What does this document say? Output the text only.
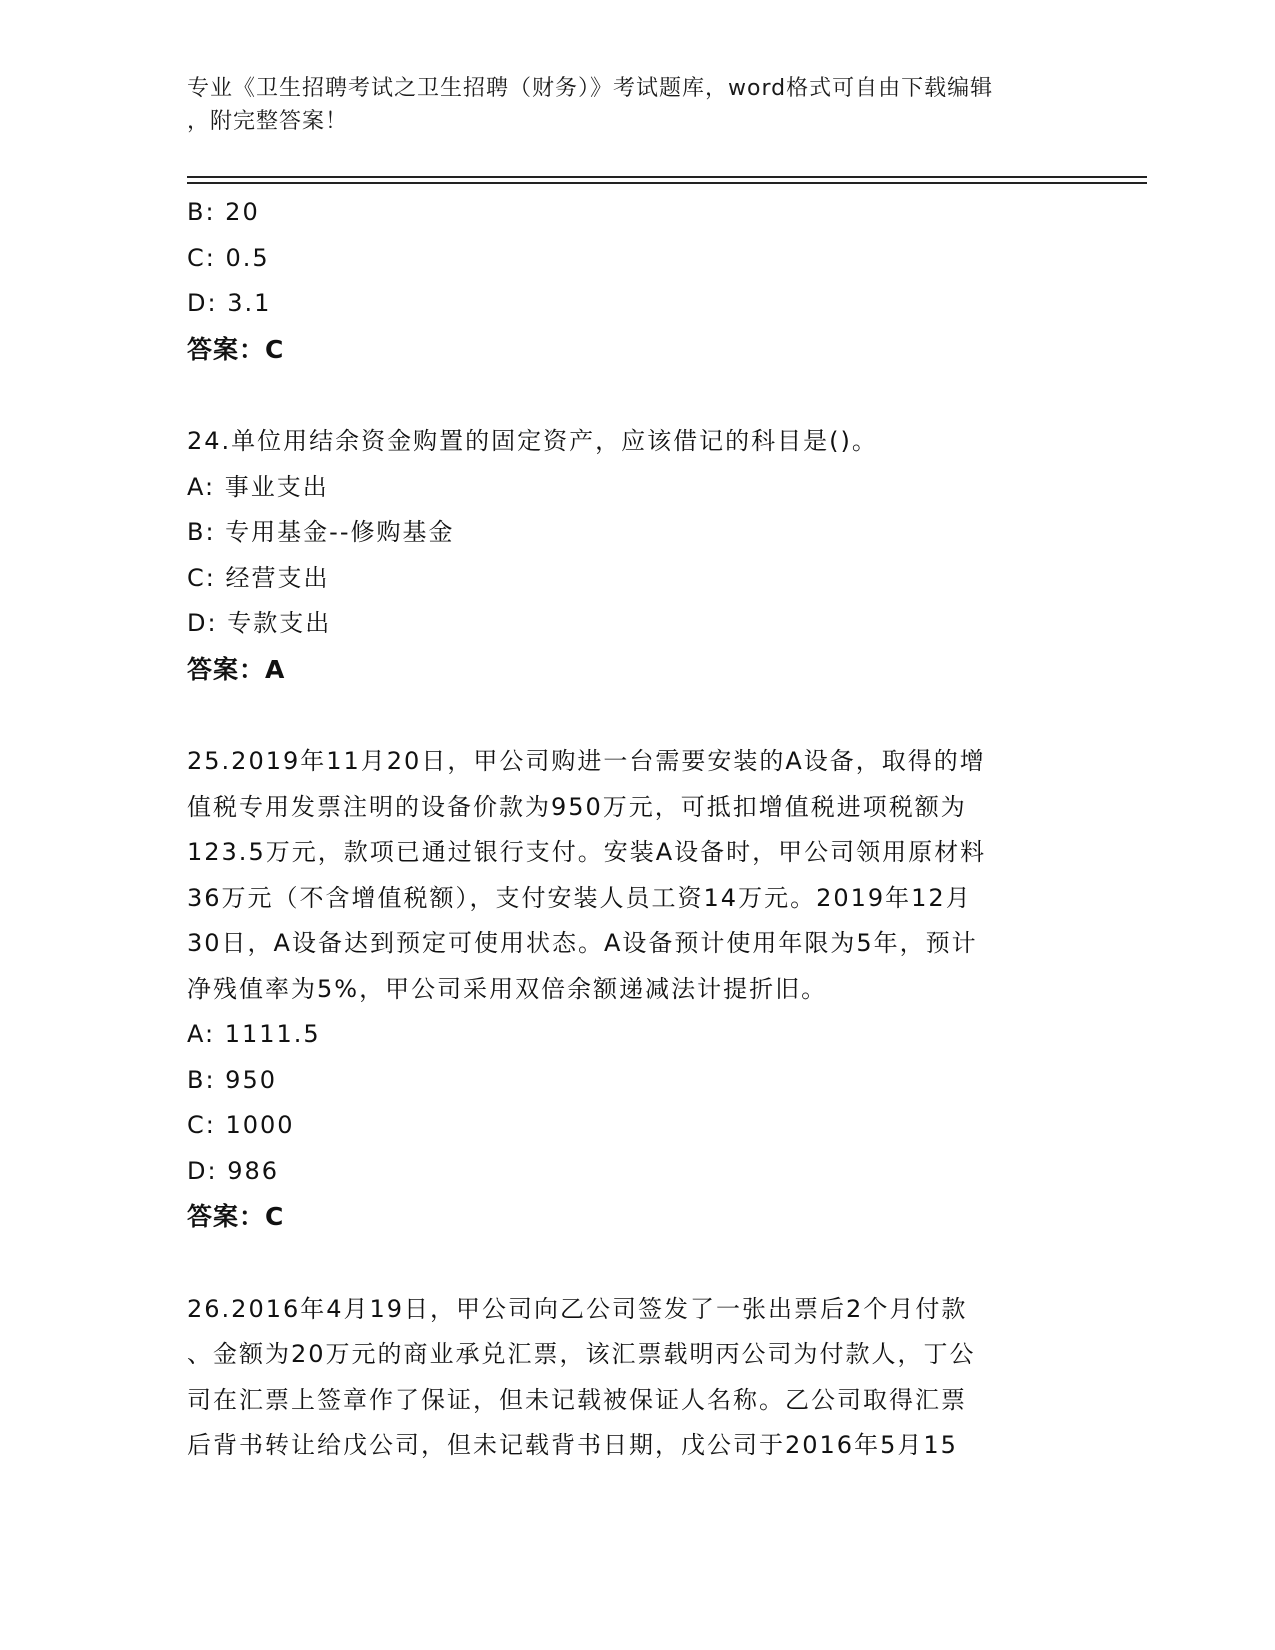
专业《卫生招聘考试之卫生招聘（财务）》考试题库，word格式可自由下载编辑
，附完整答案！
B: 20
C: 0.5
D: 3.1
答案：C
24.单位用结余资金购置的固定资产，应该借记的科目是()。
A: 事业支出
B: 专用基金--修购基金
C: 经营支出
D: 专款支出
答案：A
25.2019年11月20日，甲公司购进一台需要安装的A设备，取得的增
值税专用发票注明的设备价款为950万元，可抵扣增值税进项税额为
123.5万元，款项已通过银行支付。安装A设备时，甲公司领用原材料
36万元（不含增值税额），支付安装人员工资14万元。2019年12月
30日，A设备达到预定可使用状态。A设备预计使用年限为5年，预计
净残值率为5%，甲公司采用双倍余额递减法计提折旧。
A: 1111.5
B: 950
C: 1000
D: 986
答案：C
26.2016年4月19日，甲公司向乙公司签发了一张出票后2个月付款
、金额为20万元的商业承兑汇票，该汇票载明丙公司为付款人，丁公
司在汇票上签章作了保证，但未记载被保证人名称。乙公司取得汇票
后背书转让给戊公司，但未记载背书日期，戊公司于2016年5月15
